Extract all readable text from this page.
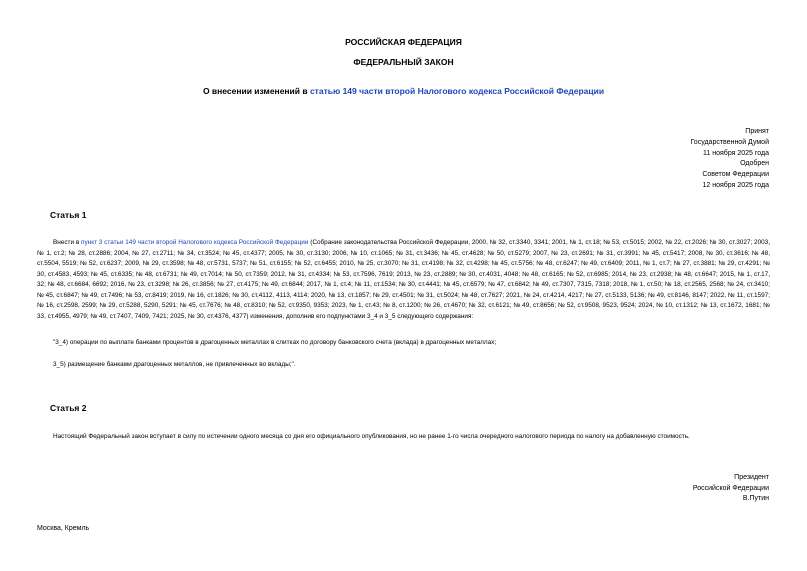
РОССИЙСКАЯ ФЕДЕРАЦИЯ
ФЕДЕРАЛЬНЫЙ ЗАКОН
О внесении изменений в статью 149 части второй Налогового кодекса Российской Федерации
Принят
Государственной Думой
11 ноября 2025 года
Одобрен
Советом Федерации
12 ноября 2025 года
Статья 1
Внести в пункт 3 статьи 149 части второй Налогового кодекса Российской Федерации (Собрание законодательства Российской Федерации, 2000, № 32, ст.3340, 3341; 2001, № 1, ст.18; № 53, ст.5015; 2002, № 22, ст.2026; № 30, ст.3027; 2003, № 1, ст.2; № 28, ст.2886; 2004, № 27, ст.2711; № 34, ст.3524; № 45, ст.4377; 2005, № 30, ст.3130; 2006, № 10, ст.1065; № 31, ст.3436; № 45, ст.4628; № 50, ст.5279; 2007, № 23, ст.2691; № 31, ст.3991; № 45, ст.5417; 2008, № 30, ст.3616; № 48, ст.5504, 5519; № 52, ст.6237; 2009, № 29, ст.3598; № 48, ст.5731, 5737; № 51, ст.6155; № 52, ст.6455; 2010, № 25, ст.3070; № 31, ст.4198; № 32, ст.4298; № 45, ст.5756; № 48, ст.6247; № 49, ст.6409; 2011, № 1, ст.7; № 27, ст.3881; № 29, ст.4291; № 30, ст.4583, 4593; № 45, ст.6335; № 48, ст.6731; № 49, ст.7014; № 50, ст.7359; 2012, № 31, ст.4334; № 53, ст.7596, 7619; 2013, № 23, ст.2889; № 30, ст.4031, 4048; № 48, ст.6165; № 52, ст.6985; 2014, № 23, ст.2938; № 48, ст.6647; 2015, № 1, ст.17, 32; № 48, ст.6684, 6692; 2016, № 23, ст.3298; № 26, ст.3856; № 27, ст.4175; № 49, ст.6844; 2017, № 1, ст.4; № 11, ст.1534; № 30, ст.4441; № 45, ст.6579; № 47, ст.6842; № 49, ст.7307, 7315, 7318; 2018, № 1, ст.50; № 18, ст.2565, 2568; № 24, ст.3410; № 45, ст.6847; № 49, ст.7496; № 53, ст.8419; 2019, № 16, ст.1826; № 30, ст.4112, 4113, 4114; 2020, № 13, ст.1857; № 29, ст.4501; № 31, ст.5024; № 48, ст.7627; 2021, № 24, ст.4214, 4217; № 27, ст.5133, 5136; № 49, ст.8146, 8147; 2022, № 11, ст.1597; № 16, ст.2598, 2599; № 29, ст.5288, 5290, 5291; № 45, ст.7676; № 48, ст.8310; № 52, ст.9350, 9353; 2023, № 1, ст.43; № 8, ст.1200; № 26, ст.4670; № 32, ст.6121; № 49, ст.8656; № 52, ст.9508, 9523, 9524; 2024, № 10, ст.1312; № 13, ст.1672, 1681; № 33, ст.4955, 4979; № 49, ст.7407, 7409, 7421; 2025, № 30, ст.4376, 4377) изменения, дополнив его подпунктами 3_4 и 3_5 следующего содержания:
"3_4) операции по выплате банками процентов в драгоценных металлах в слитках по договору банковского счета (вклада) в драгоценных металлах;
3_5) размещение банками драгоценных металлов, не привлеченных во вклады;".
Статья 2
Настоящий Федеральный закон вступает в силу по истечении одного месяца со дня его официального опубликования, но не ранее 1-го числа очередного налогового периода по налогу на добавленную стоимость.
Президент
Российской Федерации
В.Путин
Москва, Кремль
